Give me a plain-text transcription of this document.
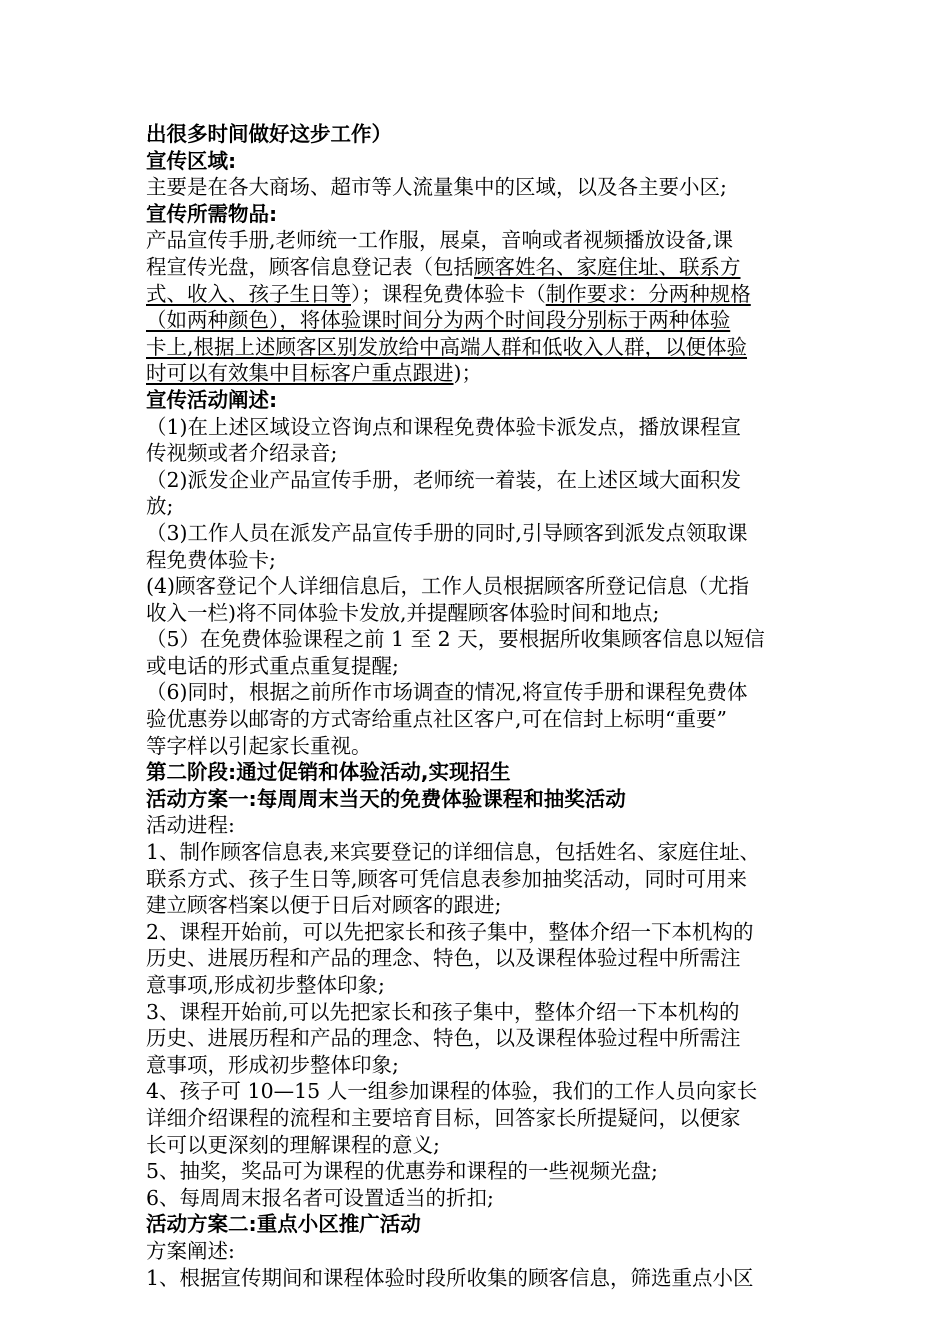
出很多时间做好这步工作）
宣传区域:
主要是在各大商场、超市等人流量集中的区域，以及各主要小区;
宣传所需物品:
产品宣传手册,老师统一工作服，展桌，音响或者视频播放设备,课
程宣传光盘，顾客信息登记表（包括顾客姓名、家庭住址、联系方
式、收入、孩子生日等）；课程免费体验卡（制作要求：分两种规格
（如两种颜色），将体验课时间分为两个时间段分别标于两种体验
卡上,根据上述顾客区别发放给中高端人群和低收入人群，以便体验
时可以有效集中目标客户重点跟进)；
宣传活动阐述:
（1)在上述区域设立咨询点和课程免费体验卡派发点，播放课程宣
传视频或者介绍录音;
（2)派发企业产品宣传手册，老师统一着装，在上述区域大面积发
放;
（3)工作人员在派发产品宣传手册的同时,引导顾客到派发点领取课
程免费体验卡;
(4)顾客登记个人详细信息后，工作人员根据顾客所登记信息（尤指
收入一栏)将不同体验卡发放,并提醒顾客体验时间和地点;
（5）在免费体验课程之前 1 至 2 天，要根据所收集顾客信息以短信
或电话的形式重点重复提醒;
（6)同时，根据之前所作市场调查的情况,将宣传手册和课程免费体
验优惠券以邮寄的方式寄给重点社区客户,可在信封上标明“重要”
等字样以引起家长重视。
第二阶段:通过促销和体验活动,实现招生
活动方案一:每周周末当天的免费体验课程和抽奖活动
活动进程:
1、制作顾客信息表,来宾要登记的详细信息，包括姓名、家庭住址、
联系方式、孩子生日等,顾客可凭信息表参加抽奖活动，同时可用来
建立顾客档案以便于日后对顾客的跟进;
2、课程开始前，可以先把家长和孩子集中，整体介绍一下本机构的
历史、进展历程和产品的理念、特色，以及课程体验过程中所需注
意事项,形成初步整体印象;
3、课程开始前,可以先把家长和孩子集中，整体介绍一下本机构的
历史、进展历程和产品的理念、特色，以及课程体验过程中所需注
意事项，形成初步整体印象;
4、孩子可 10—15 人一组参加课程的体验，我们的工作人员向家长
详细介绍课程的流程和主要培育目标，回答家长所提疑问，以便家
长可以更深刻的理解课程的意义;
5、抽奖，奖品可为课程的优惠券和课程的一些视频光盘;
6、每周周末报名者可设置适当的折扣;
活动方案二:重点小区推广活动
方案阐述:
1、根据宣传期间和课程体验时段所收集的顾客信息，筛选重点小区
